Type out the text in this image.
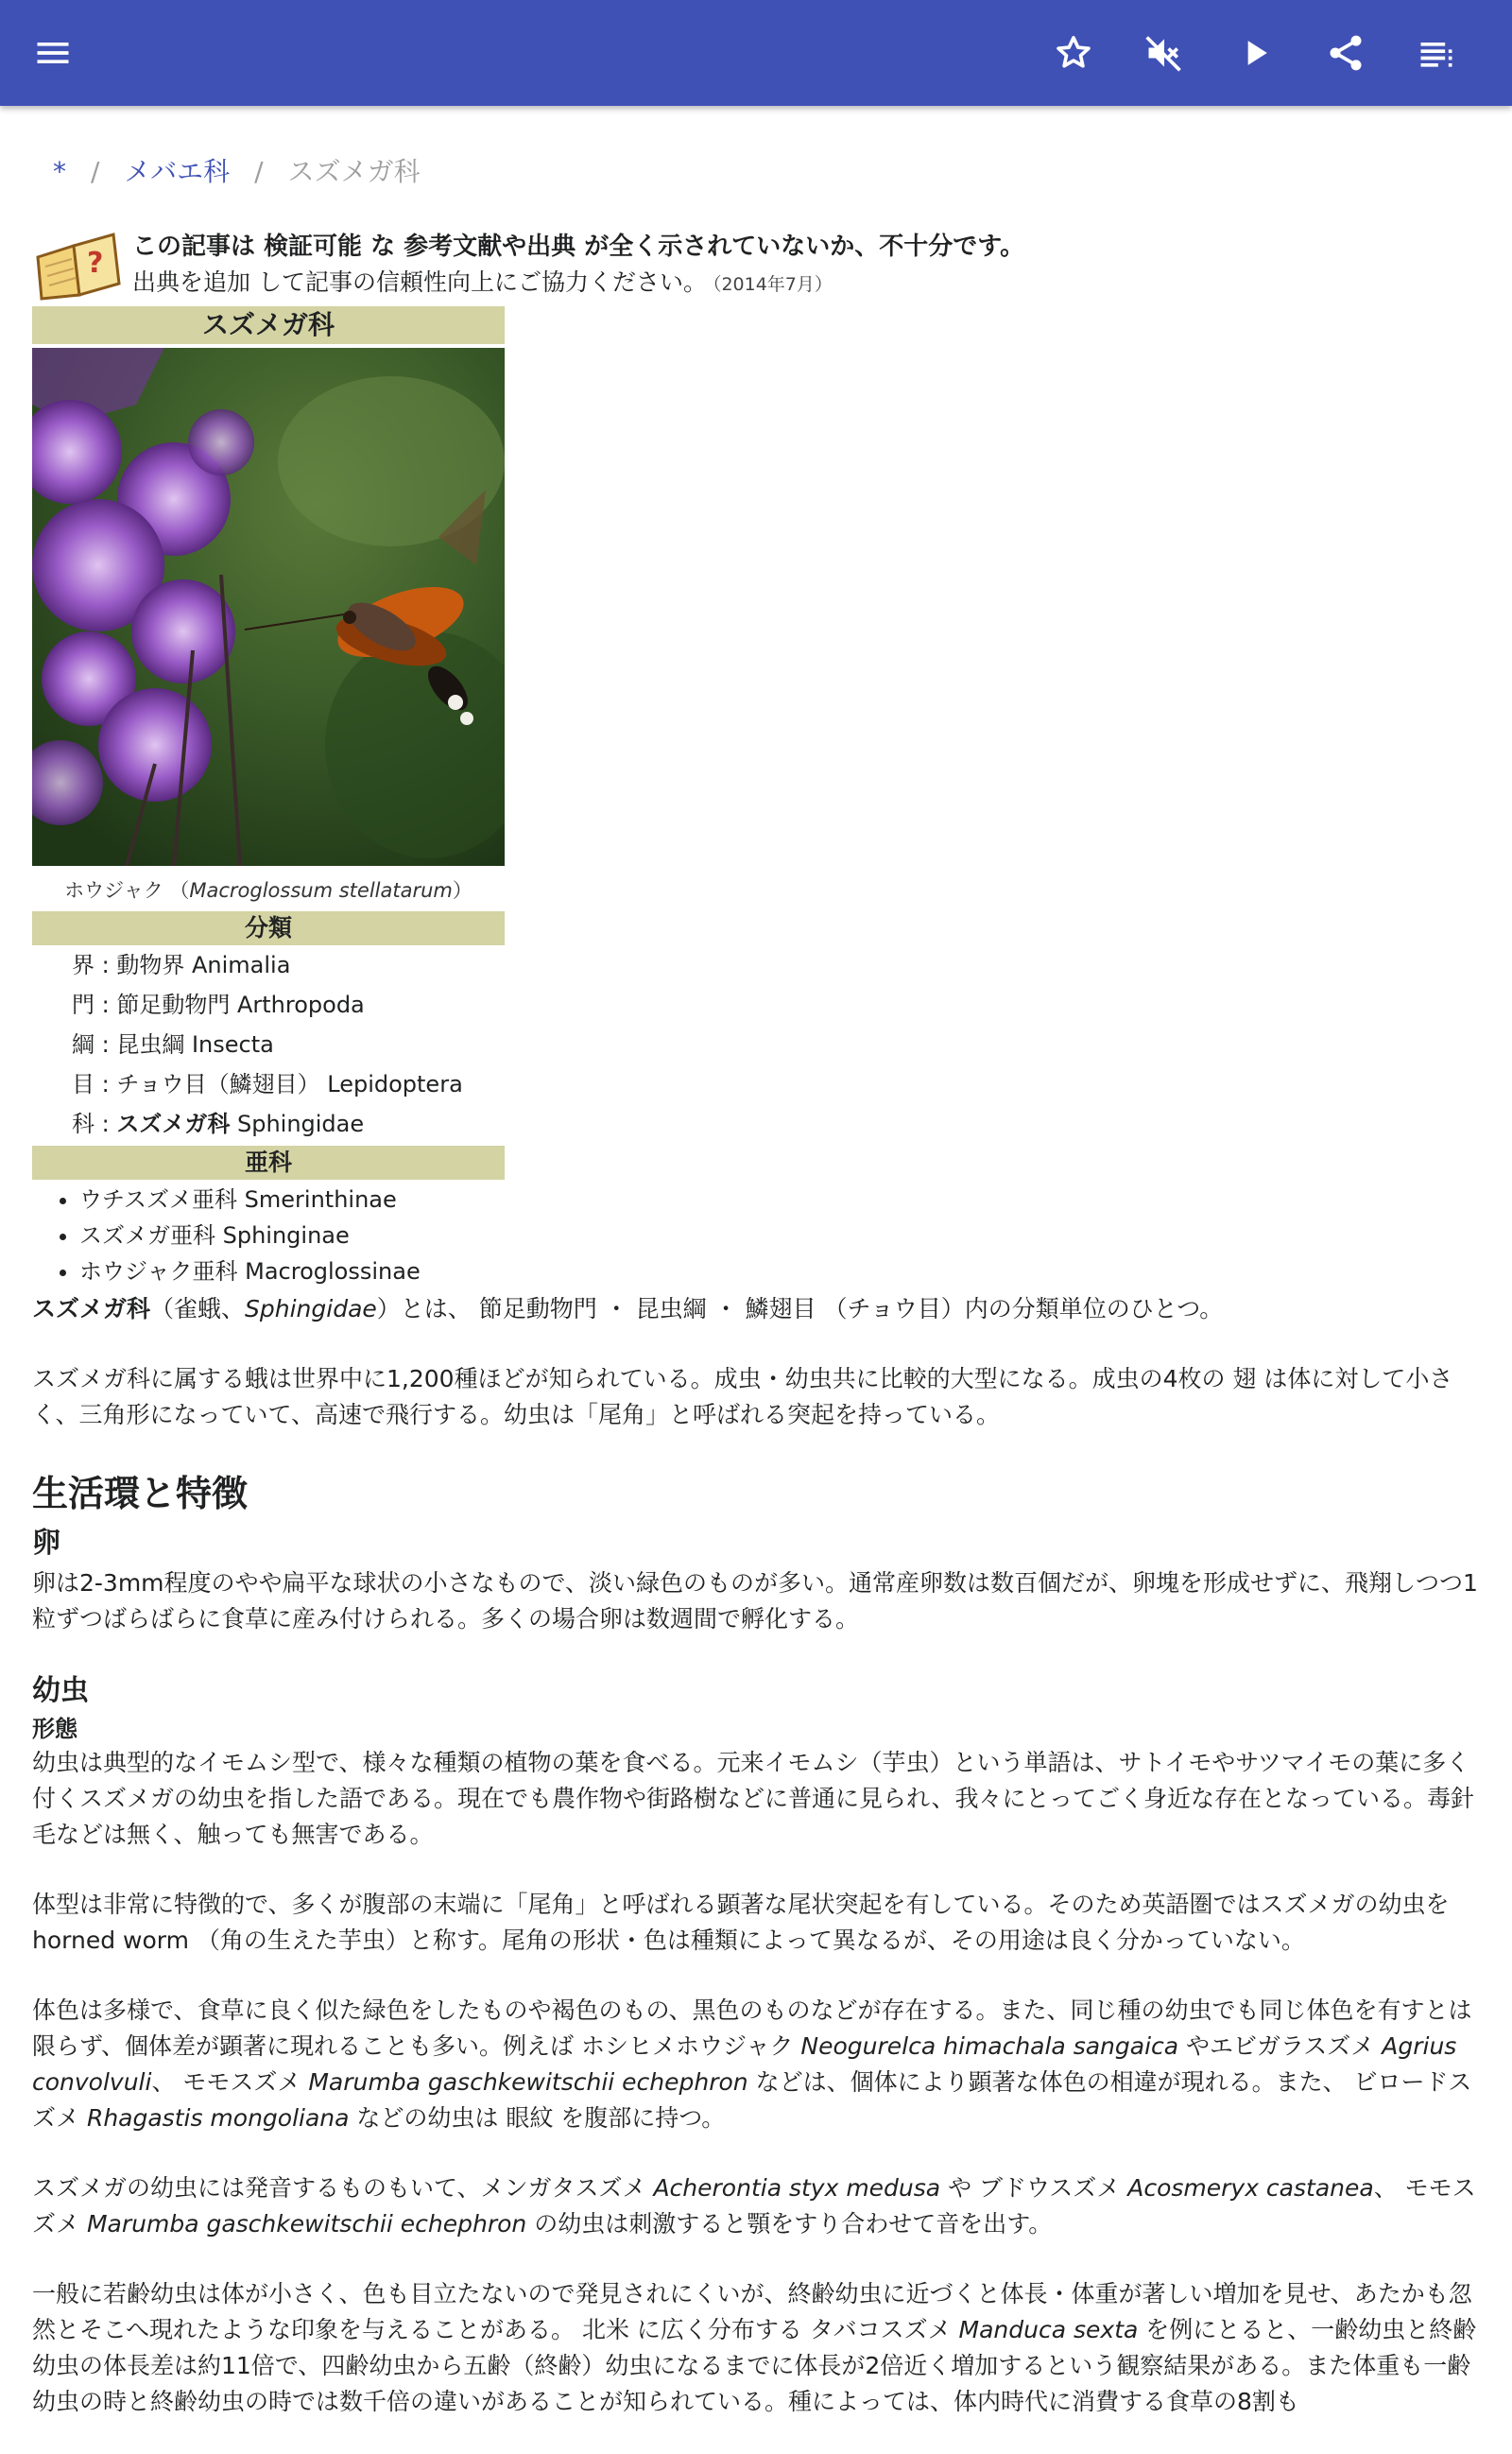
* / メバエ科 / スズメガ科
? この記事は 検証可能 な 参考文献や出典 が全く示されていないか、不十分です。
出典を追加 して記事の信頼性向上にご協力ください。 （2014年7月）
スズメガ科
ホウジャク （Macroglossum stellatarum）
分類
界 : 動物界 Animalia
門 : 節足動物門 Arthropoda
綱 : 昆虫綱 Insecta
目 : チョウ目（鱗翅目） Lepidoptera
科 : スズメガ科 Sphingidae
亜科
• ウチスズメ亜科 Smerinthinae
• スズメガ亜科 Sphinginae
• ホウジャク亜科 Macroglossinae

スズメガ科（雀蛾、Sphingidae）とは、 節足動物門 ・ 昆虫綱 ・ 鱗翅目 （チョウ目）内の分類単位のひとつ。

スズメガ科に属する蛾は世界中に1,200種ほどが知られている。成虫・幼虫共に比較的大型になる。成虫の4枚の 翅 は体に対して小さく、三角形になっていて、高速で飛行する。幼虫は「尾角」と呼ばれる突起を持っている。

生活環と特徴
卵

卵は2-3mm程度のやや扁平な球状の小さなもので、淡い緑色のものが多い。通常産卵数は数百個だが、卵塊を形成せずに、飛翔しつつ1粒ずつばらばらに食草に産み付けられる。多くの場合卵は数週間で孵化する。

幼虫
形態

幼虫は典型的なイモムシ型で、様々な種類の植物の葉を食べる。元来イモムシ（芋虫）という単語は、サトイモやサツマイモの葉に多く付くスズメガの幼虫を指した語である。現在でも農作物や街路樹などに普通に見られ、我々にとってごく身近な存在となっている。毒針毛などは無く、触っても無害である。

体型は非常に特徴的で、多くが腹部の末端に「尾角」と呼ばれる顕著な尾状突起を有している。そのため英語圏ではスズメガの幼虫を horned worm （角の生えた芋虫）と称す。尾角の形状・色は種類によって異なるが、その用途は良く分かっていない。

体色は多様で、食草に良く似た緑色をしたものや褐色のもの、黒色のものなどが存在する。また、同じ種の幼虫でも同じ体色を有すとは限らず、個体差が顕著に現れることも多い。例えば ホシヒメホウジャク Neogurelca himachala sangaica やエビガラスズメ Agrius convolvuli、 モモスズメ Marumba gaschkewitschii echephron などは、個体により顕著な体色の相違が現れる。また、 ビロードスズメ Rhagastis mongoliana などの幼虫は 眼紋 を腹部に持つ。

スズメガの幼虫には発音するものもいて、メンガタスズメ Acherontia styx medusa や ブドウスズメ Acosmeryx castanea、 モモスズメ Marumba gaschkewitschii echephron の幼虫は刺激すると顎をすり合わせて音を出す。

一般に若齢幼虫は体が小さく、色も目立たないので発見されにくいが、終齢幼虫に近づくと体長・体重が著しい増加を見せ、あたかも忽然とそこへ現れたような印象を与えることがある。 北米 に広く分布する タバコスズメ Manduca sexta を例にとると、一齢幼虫と終齢幼虫の体長差は約11倍で、四齢幼虫から五齢（終齢）幼虫になるまでに体長が2倍近く増加するという観察結果がある。また体重も一齢幼虫の時と終齢幼虫の時では数千倍の違いがあることが知られている。種によっては、体内時代に消費する食草の8割も
